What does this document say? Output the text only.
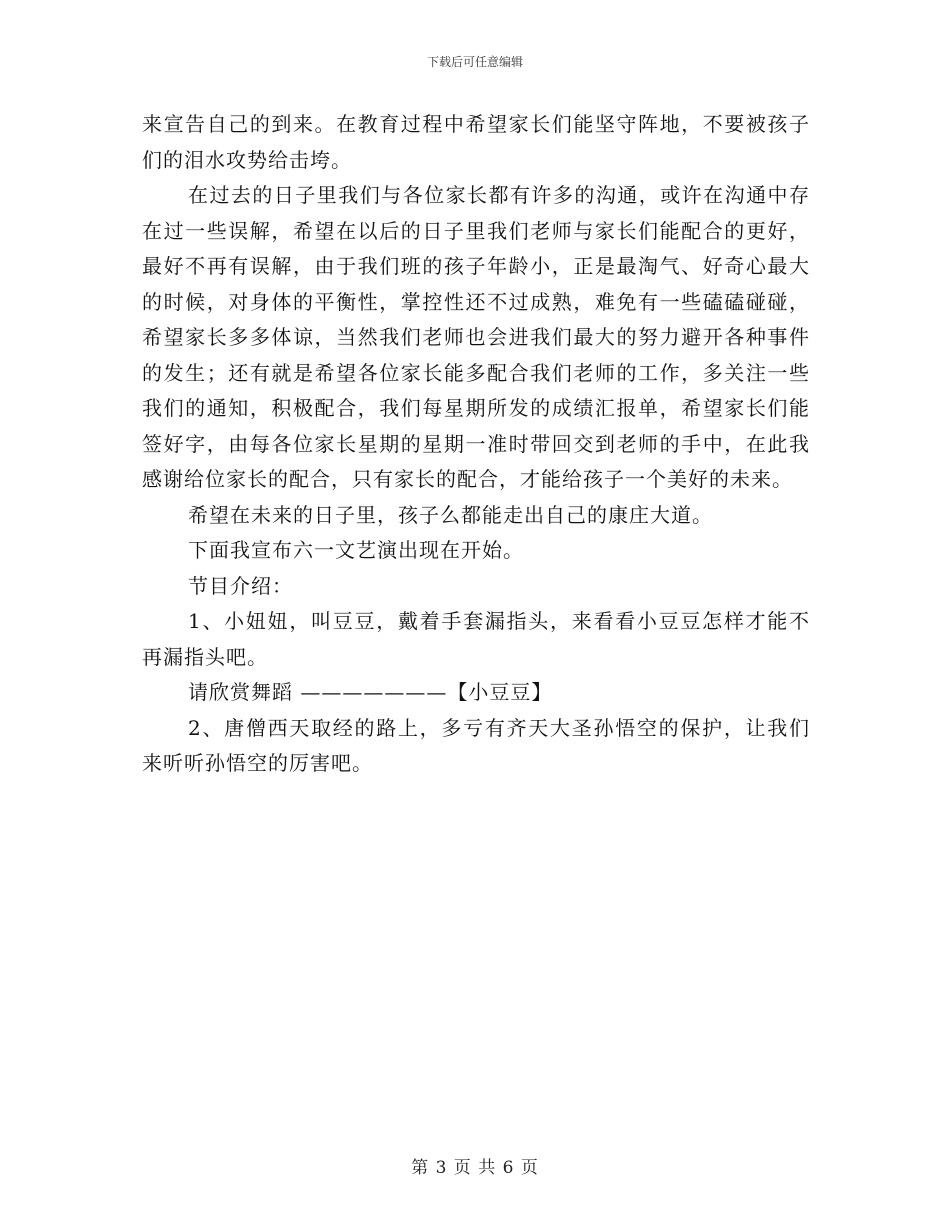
下载后可任意编辑

来宣告自己的到来。在教育过程中希望家长们能坚守阵地，不要被孩子们的泪水攻势给击垮。

在过去的日子里我们与各位家长都有许多的沟通，或许在沟通中存在过一些误解，希望在以后的日子里我们老师与家长们能配合的更好，最好不再有误解，由于我们班的孩子年龄小，正是最淘气、好奇心最大的时候，对身体的平衡性，掌控性还不过成熟，难免有一些磕磕碰碰，希望家长多多体谅，当然我们老师也会进我们最大的努力避开各种事件的发生；还有就是希望各位家长能多配合我们老师的工作，多关注一些我们的通知，积极配合，我们每星期所发的成绩汇报单，希望家长们能签好字，由每各位家长星期的星期一准时带回交到老师的手中，在此我感谢给位家长的配合，只有家长的配合，才能给孩子一个美好的未来。

希望在未来的日子里，孩子么都能走出自己的康庄大道。

下面我宣布六一文艺演出现在开始。

节目介绍：

1、小妞妞，叫豆豆，戴着手套漏指头，来看看小豆豆怎样才能不再漏指头吧。

请欣赏舞蹈 ———————【小豆豆】

2、唐僧西天取经的路上，多亏有齐天大圣孙悟空的保护，让我们来听听孙悟空的厉害吧。

第 3 页 共 6 页
